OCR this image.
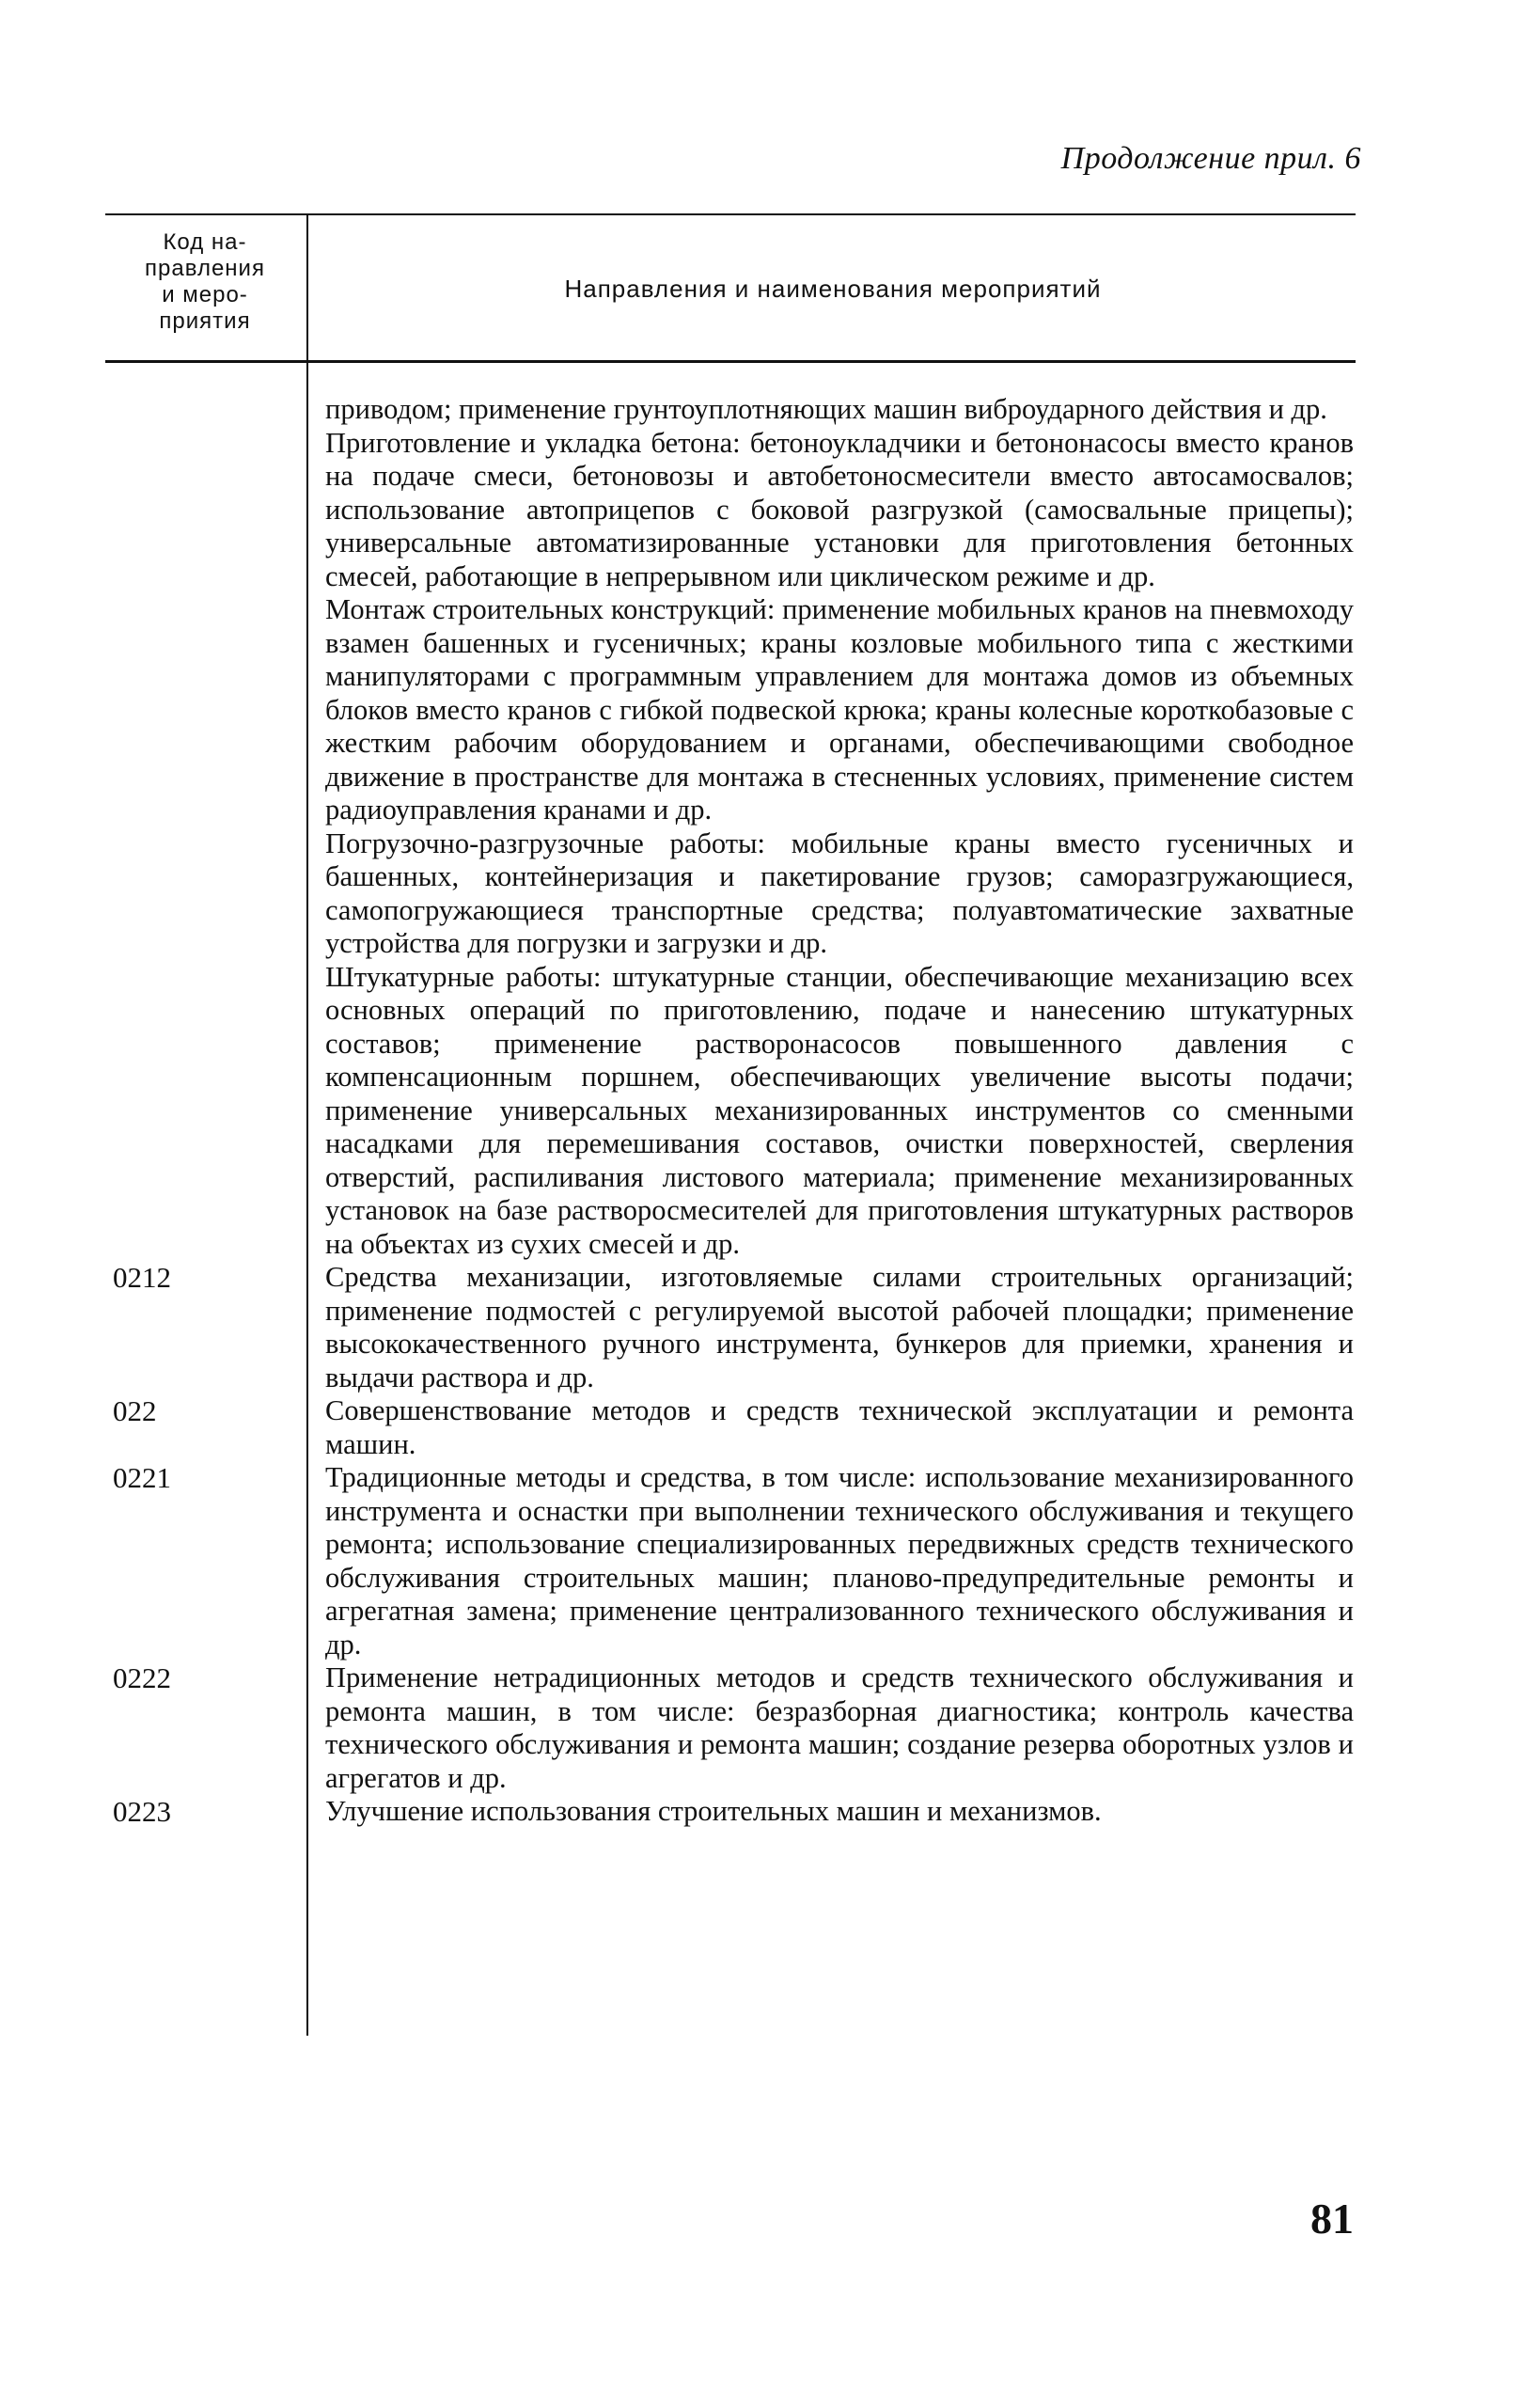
Продолжение прил. 6
Код на-
правления
и меро-
приятия
Направления и наименования мероприятий
приводом; применение грунтоуплотняющих машин виброударного действия и др.
Приготовление и укладка бетона: бетоноукладчики и бетононасосы вместо кранов на подаче смеси, бетоновозы и автобетоносмесители вместо автосамосвалов; использование автоприцепов с боковой разгрузкой (самосвальные прицепы); универсальные автоматизированные установки для приготовления бетонных смесей, работающие в непрерывном или циклическом режиме и др.
Монтаж строительных конструкций: применение мобильных кранов на пневмоходу взамен башенных и гусеничных; краны козловые мобильного типа с жесткими манипуляторами с программным управлением для монтажа домов из объемных блоков вместо кранов с гибкой подвеской крюка; краны колесные короткобазовые с жестким рабочим оборудованием и органами, обеспечивающими свободное движение в пространстве для монтажа в стесненных условиях, применение систем радиоуправления кранами и др.
Погрузочно-разгрузочные работы: мобильные краны вместо гусеничных и башенных, контейнеризация и пакетирование грузов; саморазгружающиеся, самопогружающиеся транспортные средства; полуавтоматические захватные устройства для погрузки и загрузки и др.
Штукатурные работы: штукатурные станции, обеспечивающие механизацию всех основных операций по приготовлению, подаче и нанесению штукатурных составов; применение растворонасосов повышенного давления с компенсационным поршнем, обеспечивающих увеличение высоты подачи; применение универсальных механизированных инструментов со сменными насадками для перемешивания составов, очистки поверхностей, сверления отверстий, распиливания листового материала; применение механизированных установок на базе растворосмесителей для приготовления штукатурных растворов на объектах из сухих смесей и др.
0212	Средства механизации, изготовляемые силами строительных организаций; применение подмостей с регулируемой высотой рабочей площадки; применение высококачественного ручного инструмента, бункеров для приемки, хранения и выдачи раствора и др.
022	Совершенствование методов и средств технической эксплуатации и ремонта машин.
0221	Традиционные методы и средства, в том числе: использование механизированного инструмента и оснастки при выполнении технического обслуживания и текущего ремонта; использование специализированных передвижных средств технического обслуживания строительных машин; планово-предупредительные ремонты и агрегатная замена; применение централизованного технического обслуживания и др.
0222	Применение нетрадиционных методов и средств технического обслуживания и ремонта машин, в том числе: безразборная диагностика; контроль качества технического обслуживания и ремонта машин; создание резерва оборотных узлов и агрегатов и др.
0223	Улучшение использования строительных машин и механизмов.
81
